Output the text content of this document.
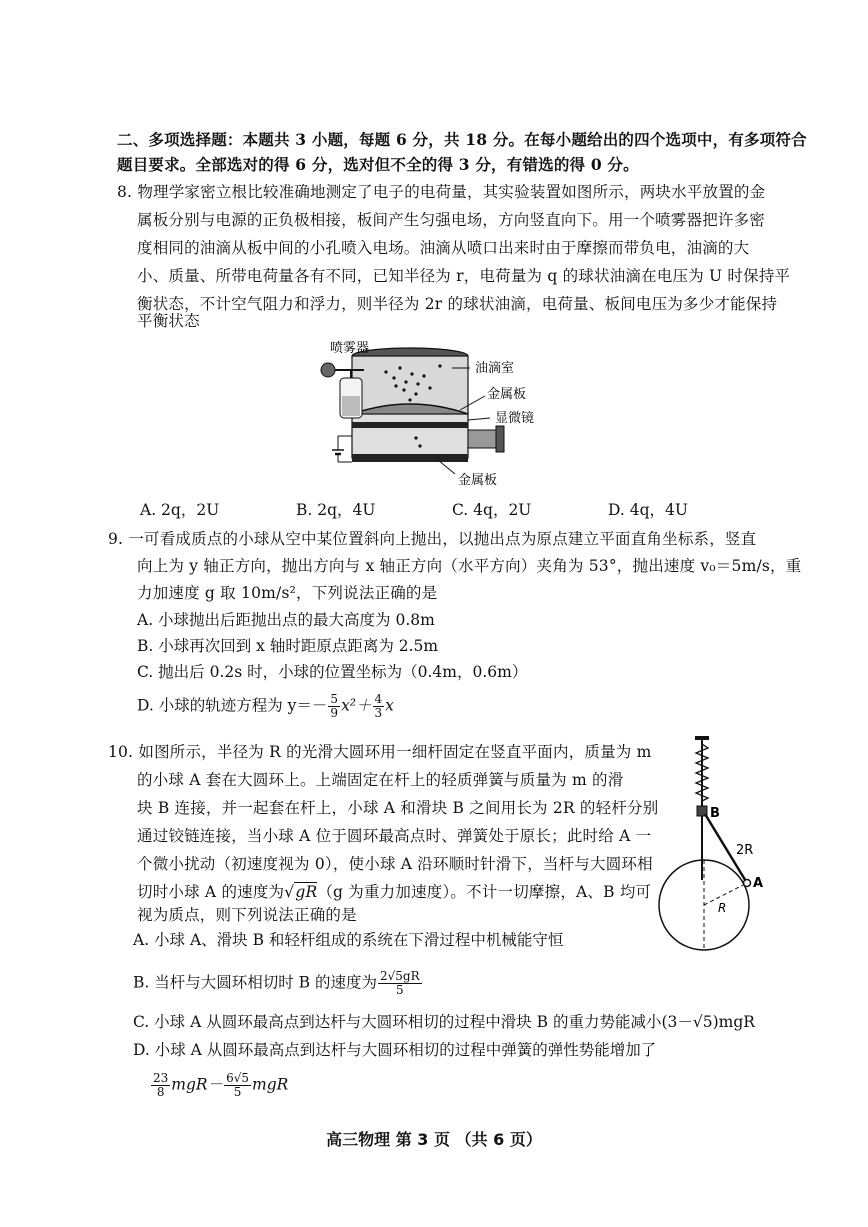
二、多项选择题：本题共 3 小题，每题 6 分，共 18 分。在每小题给出的四个选项中，有多项符合
题目要求。全部选对的得 6 分，选对但不全的得 3 分，有错选的得 0 分。
8. 物理学家密立根比较准确地测定了电子的电荷量，其实验装置如图所示，两块水平放置的金
属板分别与电源的正负极相接，板间产生匀强电场，方向竖直向下。用一个喷雾器把许多密
度相同的油滴从板中间的小孔喷入电场。油滴从喷口出来时由于摩擦而带负电，油滴的大
小、质量、所带电荷量各有不同，已知半径为 r，电荷量为 q 的球状油滴在电压为 U 时保持平
衡状态，不计空气阻力和浮力，则半径为 2r 的球状油滴，电荷量、板间电压为多少才能保持
平衡状态
喷雾器
油滴室
金属板
显微镜
金属板
A. 2q，2U	B. 2q，4U	C. 4q，2U	D. 4q，4U
9. 一可看成质点的小球从空中某位置斜向上抛出，以抛出点为原点建立平面直角坐标系，竖直
向上为 y 轴正方向，抛出方向与 x 轴正方向（水平方向）夹角为 53°，抛出速度 v₀＝5m/s，重
力加速度 g 取 10m/s²，下列说法正确的是
A. 小球抛出后距抛出点的最大高度为 0.8m
B. 小球再次回到 x 轴时距原点距离为 2.5m
C. 抛出后 0.2s 时，小球的位置坐标为（0.4m，0.6m）
D. 小球的轨迹方程为 $y=- \frac{5}{9} x^2+ \frac{4}{3}$ x
10. 如图所示，半径为 R 的光滑大圆环用一细杆固定在竖直平面内，质量为 m
的小球 A 套在大圆环上。上端固定在杆上的轻质弹簧与质量为 m 的滑
块 B 连接，并一起套在杆上，小球 A 和滑块 B 之间用长为 2R 的轻杆分别
通过铰链连接，当小球 A 位于圆环最高点时、弹簧处于原长；此时给 A 一
个微小扰动（初速度视为 0），使小球 A 沿环顺时针滑下，当杆与大圆环相
切时小球 A 的速度为√gR（g 为重力加速度）。不计一切摩擦，A、B 均可
视为质点，则下列说法正确的是
A. 小球 A、滑块 B 和轻杆组成的系统在下滑过程中机械能守恒
B. 当杆与大圆环相切时 B 的速度为 $\frac{2√5gR}{5}$
C. 小球 A 从圆环最高点到达杆与大圆环相切的过程中滑块 B 的重力势能减小(3－√5)mgR
D. 小球 A 从圆环最高点到达杆与大圆环相切的过程中弹簧的弹性势能增加了
$\frac{23}{8} mgR- \frac{6√5}{5}$ mgR
B
2R
A
R
高三物理 第 3 页 （共 6 页）
